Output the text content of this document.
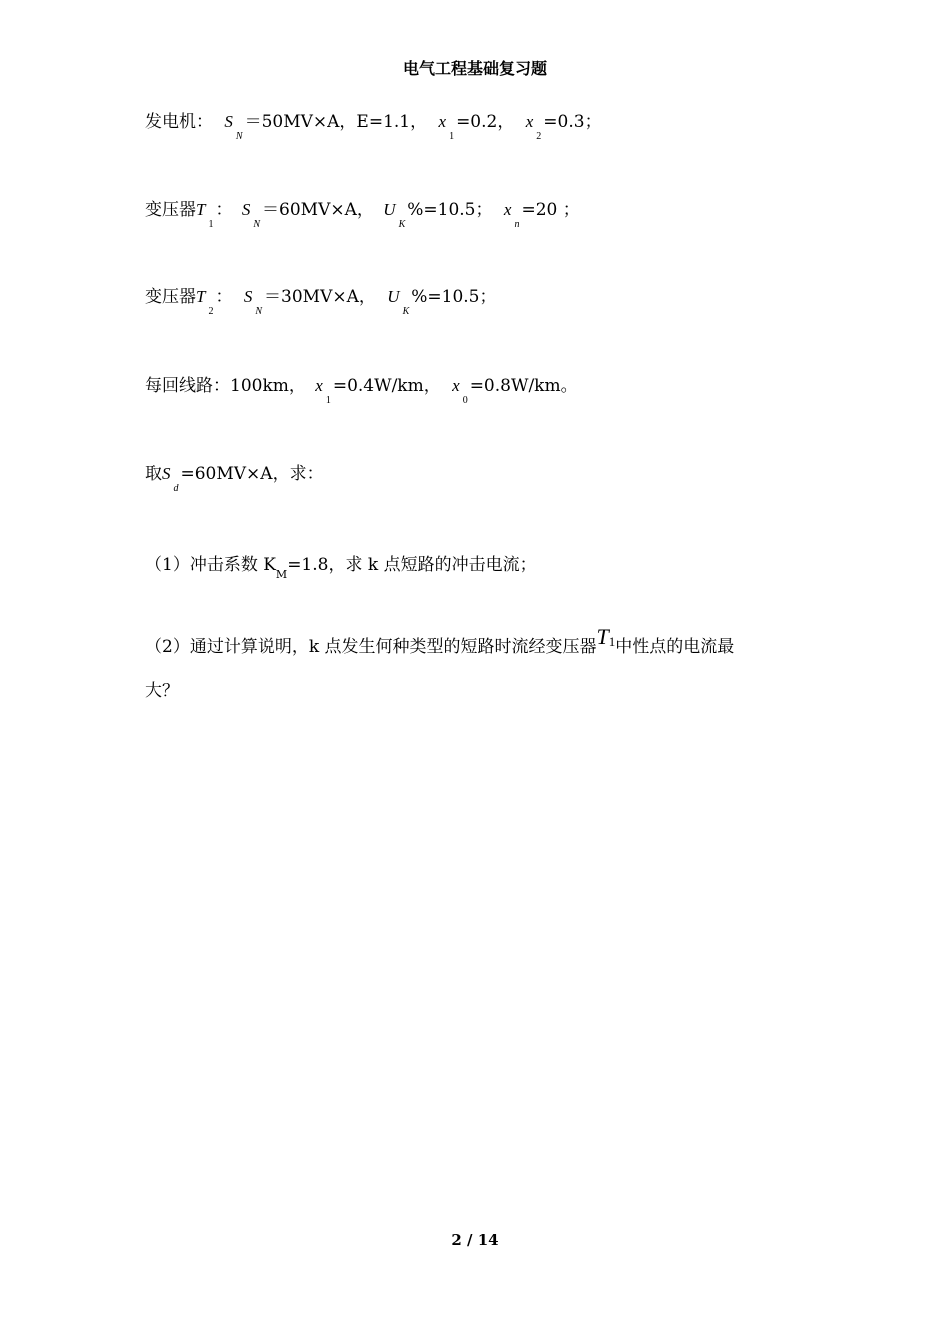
电气工程基础复习题
发电机： $S_N=50MV\times A$，E=1.1， $x_1=0.2$， $x_2=0.3$；
变压器$T_1$： $S_N=60MV\times A$， $U_K\%=10.5$； $x_n=20$ ；
变压器$T_2$： $S_N=30MV\times A$， $U_K\%=10.5$；
每回线路：100km， $x_1=0.4W/km$， $x_0=0.8W/km$。
取$S_d=60MV\times A$，求：
（1）冲击系数 $K_M=1.8$，求 k 点短路的冲击电流；
（2）通过计算说明，k 点发生何种类型的短路时流经变压器$T^1$中性点的电流最
大？
2 / 14
